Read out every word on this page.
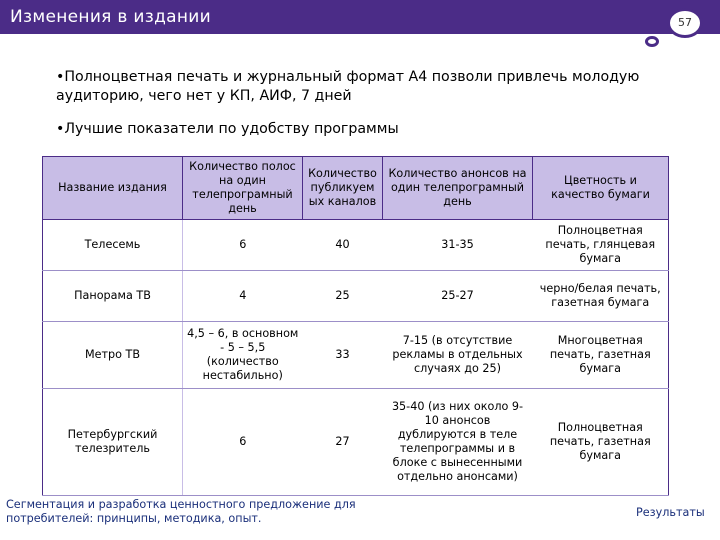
Изменения в издании	57
•Полноцветная печать и журнальный формат А4 позволи привлечь молодую аудиторию, чего нет у КП, АИФ, 7 дней
•Лучшие показатели по удобству программы
Название издания	Количество полос на один телепрограмный день	Количество публикуем ых каналов	Количество анонсов на один телепрограмный день	Цветность и качество бумаги
Телесемь	6	40	31-35	Полноцветная печать, глянцевая бумага
Панорама ТВ	4	25	25-27	черно/белая печать, газетная бумага
Метро ТВ	4,5 – 6, в основном - 5 – 5,5 (количество нестабильно)	33	7-15 (в отсутствие рекламы в отдельных случаях до 25)	Многоцветная печать, газетная бумага
Петербургский телезритель	6	27	35-40 (из них около 9-10 анонсов дублируются в теле телепрограммы и в блоке с вынесенными отдельно анонсами)	Полноцветная печать, газетная бумага
Сегментация и разработка ценностного предложение для потребителей: принципы, методика, опыт.	Результаты
